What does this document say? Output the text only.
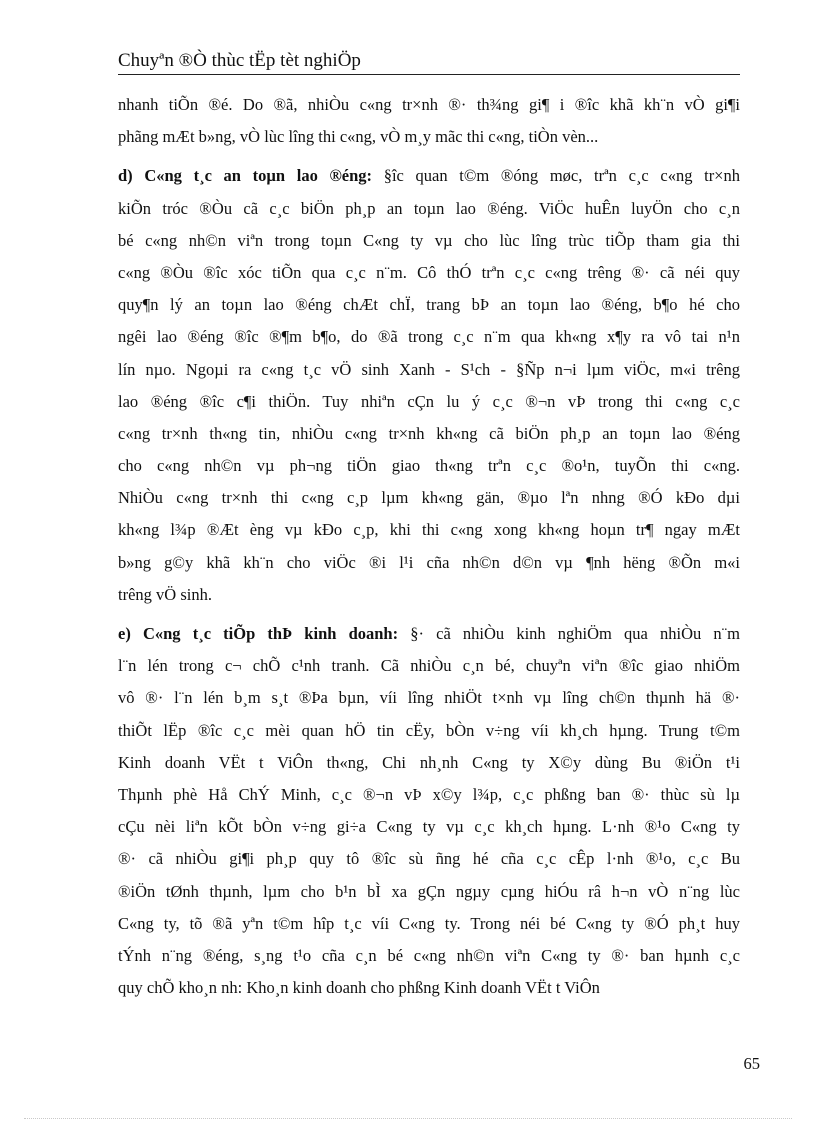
Chuyªn ®Ò thùc tËp tèt nghiÖp
nhanh tiÕn ®é. Do ®ã, nhiÒu c«ng tr×nh ®· th¾ng gi¶ i ®îc khã kh¨n vÒ gi¶i
phãng mÆt b»ng, vÒ lùc lîng thi c«ng, vÒ m¸y mãc thi c«ng, tiÒn vèn...
d) C«ng t¸c an toµn lao ®éng: §îc quan t©m ®óng møc, trªn c¸c c«ng tr×nh
kiÕn tróc ®Òu cã c¸c biÖn ph¸p an toµn lao ®éng. ViÖc huÊn luyÖn cho c¸n
bé c«ng nh©n viªn trong toµn C«ng ty vµ cho lùc lîng trùc tiÕp tham gia thi
c«ng ®Òu ®îc xóc tiÕn qua c¸c n¨m. Cô thÓ trªn c¸c c«ng trêng ®· cã néi quy
quy¶n lý an toµn lao ®éng chÆt chÏ, trang bÞ an toµn lao ®éng, b¶o hé cho
ngêi lao ®éng ®îc ®¶m b¶o, do ®ã trong c¸c n¨m qua kh«ng x¶y ra vô tai n¹n
lín nµo. Ngoµi ra c«ng t¸c vÖ sinh Xanh - S¹ch - §Ñp n¬i lµm viÖc, m«i trêng
lao ®éng ®îc c¶i thiÖn. Tuy nhiªn cÇn lu ý c¸c ®¬n vÞ trong thi c«ng c¸c
c«ng tr×nh th«ng tin, nhiÒu c«ng tr×nh kh«ng cã biÖn ph¸p an toµn lao ®éng
cho c«ng nh©n vµ ph¬ng tiÖn giao th«ng trªn c¸c ®o¹n, tuyÕn thi c«ng.
NhiÒu c«ng tr×nh thi c«ng c¸p lµm kh«ng gän, ®µo lªn nhng ®Ó kÐo dµi
kh«ng l¾p ®Æt èng vµ kÐo c¸p, khi thi c«ng xong kh«ng hoµn tr¶ ngay mÆt
b»ng g©y khã kh¨n cho viÖc ®i l¹i cña nh©n d©n vµ ¶nh hëng ®Õn m«i
trêng vÖ sinh.
e) C«ng t¸c tiÕp thÞ kinh doanh: §· cã nhiÒu kinh nghiÖm qua nhiÒu n¨m
l¨n lén trong c¬ chÕ c¹nh tranh. Cã nhiÒu c¸n bé, chuyªn viªn ®îc giao nhiÖm
vô ®· l¨n lén b¸m s¸t ®Þa bµn, víi lîng nhiÖt t×nh vµ lîng ch©n thµnh hä ®·
thiÕt lËp ®îc c¸c mèi quan hÖ tin cËy, bÒn v÷ng víi kh¸ch hµng. Trung t©m
Kinh doanh VËt t ViÔn th«ng, Chi nh¸nh C«ng ty X©y dùng Bu ®iÖn t¹i
Thµnh phè Hå ChÝ Minh, c¸c ®¬n vÞ x©y l¾p, c¸c phßng ban ®· thùc sù lµ
cÇu nèi liªn kÕt bÒn v÷ng gi÷a C«ng ty vµ c¸c kh¸ch hµng. L·nh ®¹o C«ng ty
®· cã nhiÒu gi¶i ph¸p quy tô ®îc sù ñng hé cña c¸c cÊp l·nh ®¹o, c¸c Bu
®iÖn tØnh thµnh, lµm cho b¹n bÌ xa gÇn ngµy cµng hiÓu râ h¬n vÒ n¨ng lùc
C«ng ty, tõ ®ã yªn t©m hîp t¸c víi C«ng ty. Trong néi bé C«ng ty ®Ó ph¸t huy
tÝnh n¨ng ®éng, s¸ng t¹o cña c¸n bé c«ng nh©n viªn C«ng ty ®· ban hµnh c¸c
quy chÕ kho¸n nh: Kho¸n kinh doanh cho phßng Kinh doanh VËt t ViÔn
65
